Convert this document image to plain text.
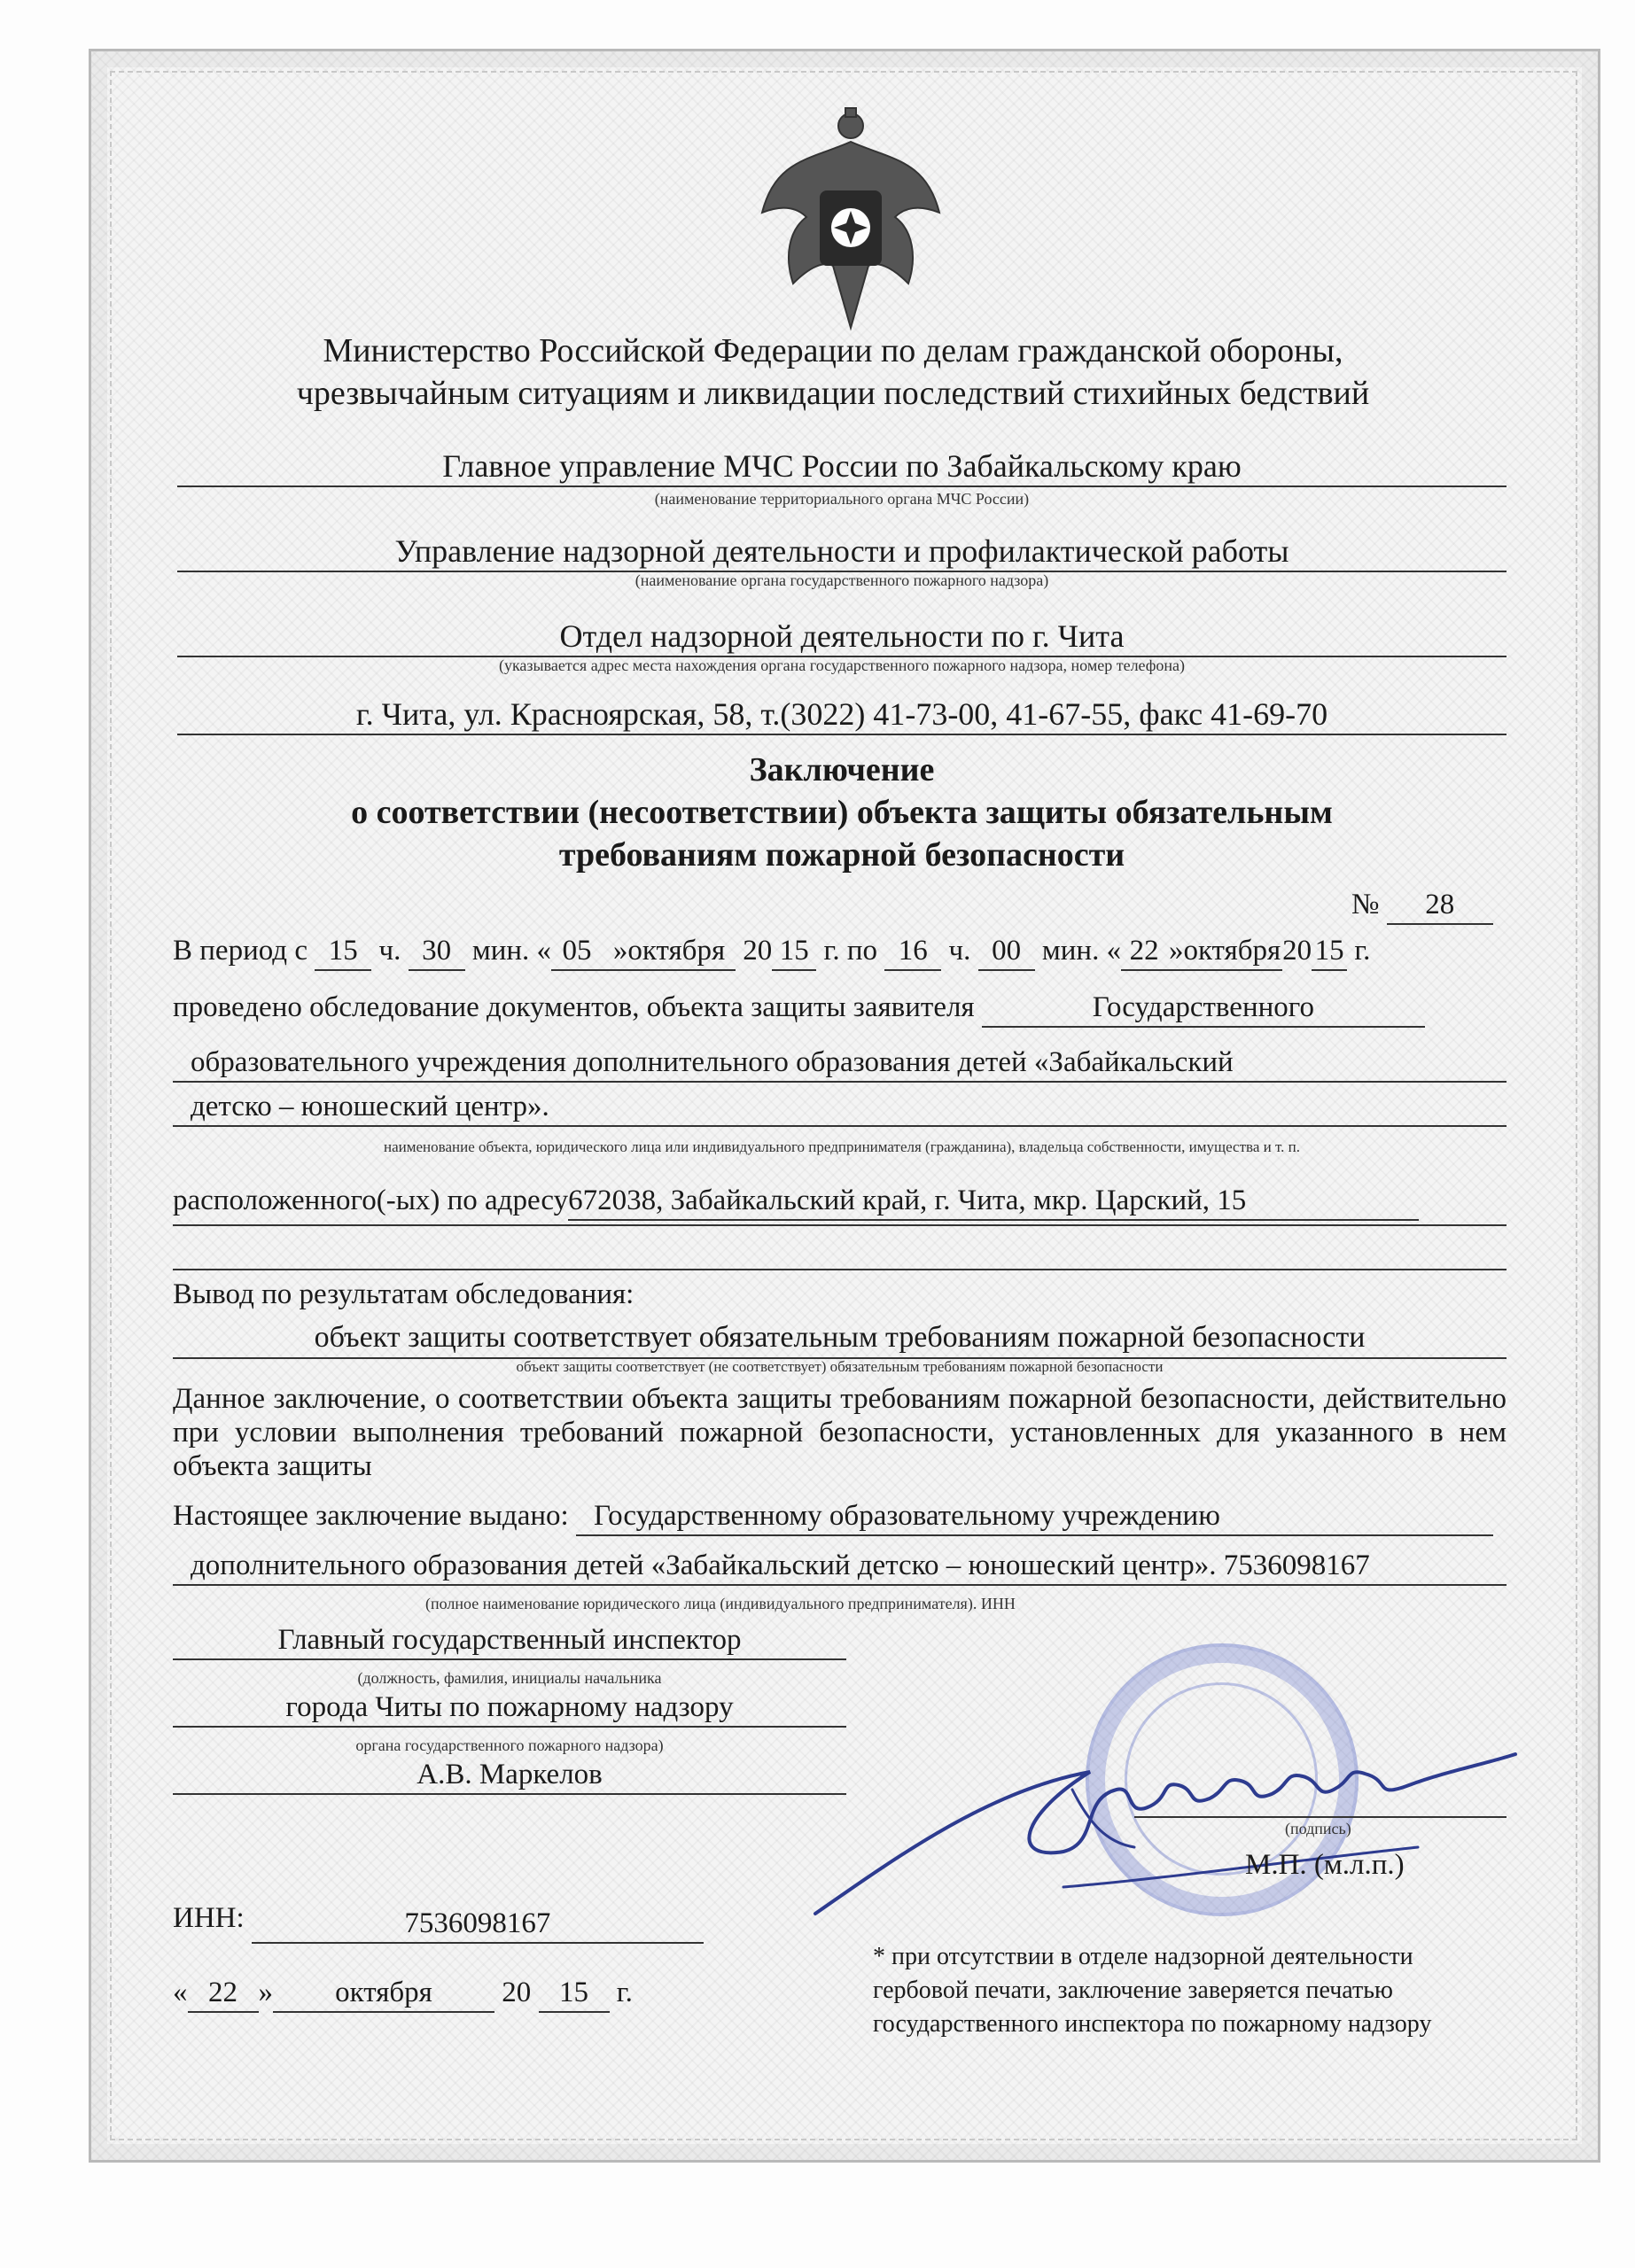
Министерство Российской Федерации по делам гражданской обороны,
чрезвычайным ситуациям и ликвидации последствий стихийных бедствий
Главное управление МЧС России по Забайкальскому краю
(наименование территориального органа МЧС России)
Управление надзорной деятельности и профилактической работы
(наименование органа государственного пожарного надзора)
Отдел надзорной деятельности по г. Чита
(указывается адрес места нахождения органа государственного пожарного надзора, номер телефона)
г. Чита, ул. Красноярская, 58, т.(3022) 41-73-00, 41-67-55, факс 41-69-70
Заключение
о соответствии (несоответствии) объекта защиты обязательным
требованиям пожарной безопасности
№ 28
В период с 15 ч. 30 мин. « 05 »октября 20 15 г. по 16 ч. 00 мин. « 22 »октября20 15 г.
проведено обследование документов, объекта защиты заявителя	Государственного
образовательного учреждения дополнительного образования детей «Забайкальский
детско – юношеский центр».
наименование объекта, юридического лица или индивидуального предпринимателя (гражданина), владельца собственности, имущества и т. п.
расположенного(-ых) по адресу672038, Забайкальский край, г. Чита, мкр. Царский, 15
Вывод по результатам обследования:
объект защиты соответствует обязательным требованиям пожарной безопасности
объект защиты соответствует (не соответствует) обязательным требованиям пожарной безопасности
Данное заключение, о соответствии объекта защиты требованиям пожарной безопасности, действительно при условии выполнения требований пожарной безопасности, установленных для указанного в нем объекта защиты
Настоящее заключение выдано: Государственному образовательному учреждению
дополнительного образования детей «Забайкальский детско – юношеский центр». 7536098167
(полное наименование юридического лица (индивидуального предпринимателя). ИНН
Главный государственный инспектор
(должность, фамилия, инициалы начальника
города Читы по пожарному надзору
органа государственного пожарного надзора)
А.В. Маркелов
(подпись)
М.П. (м.л.п.)
ИНН:	7536098167
« 22 » октября 20 15 г.
* при отсутствии в отделе надзорной деятельности гербовой печати, заключение заверяется печатью государственного инспектора по пожарному надзору
